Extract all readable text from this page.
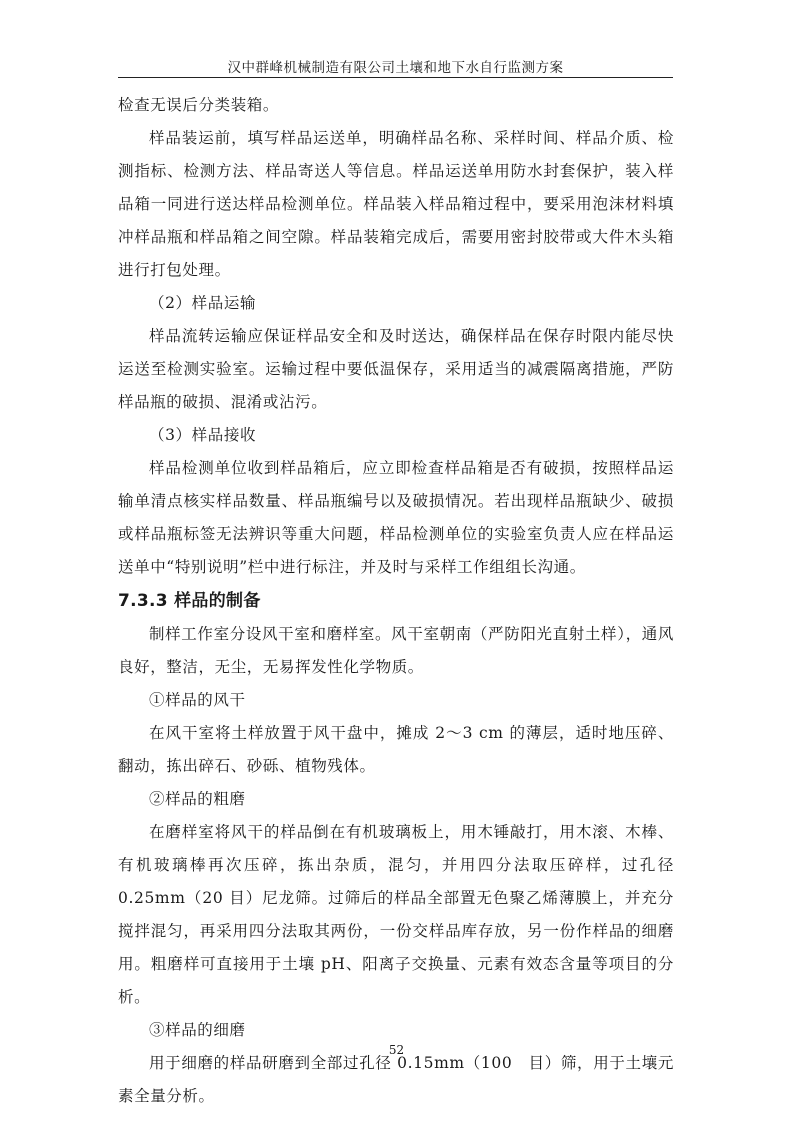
汉中群峰机械制造有限公司土壤和地下水自行监测方案

检查无误后分类装箱。

样品装运前，填写样品运送单，明确样品名称、采样时间、样品介质、检测指标、检测方法、样品寄送人等信息。样品运送单用防水封套保护，装入样品箱一同进行送达样品检测单位。样品装入样品箱过程中，要采用泡沫材料填冲样品瓶和样品箱之间空隙。样品装箱完成后，需要用密封胶带或大件木头箱进行打包处理。

（2）样品运输

样品流转运输应保证样品安全和及时送达，确保样品在保存时限内能尽快运送至检测实验室。运输过程中要低温保存，采用适当的减震隔离措施，严防样品瓶的破损、混淆或沾污。

（3）样品接收

样品检测单位收到样品箱后，应立即检查样品箱是否有破损，按照样品运输单清点核实样品数量、样品瓶编号以及破损情况。若出现样品瓶缺少、破损或样品瓶标签无法辨识等重大问题，样品检测单位的实验室负责人应在样品运送单中“特别说明”栏中进行标注，并及时与采样工作组组长沟通。

7.3.3 样品的制备

制样工作室分设风干室和磨样室。风干室朝南（严防阳光直射土样），通风良好，整洁，无尘，无易挥发性化学物质。

①样品的风干

在风干室将土样放置于风干盘中，摊成 2～3 cm 的薄层，适时地压碎、翻动，拣出碎石、砂砾、植物残体。

②样品的粗磨

在磨样室将风干的样品倒在有机玻璃板上，用木锤敲打，用木滚、木棒、有机玻璃棒再次压碎，拣出杂质，混匀，并用四分法取压碎样，过孔径 0.25mm（20 目）尼龙筛。过筛后的样品全部置无色聚乙烯薄膜上，并充分搅拌混匀，再采用四分法取其两份，一份交样品库存放，另一份作样品的细磨用。粗磨样可直接用于土壤 pH、阳离子交换量、元素有效态含量等项目的分析。

③样品的细磨

用于细磨的样品研磨到全部过孔径 0.15mm（100　目）筛，用于土壤元素全量分析。

52
